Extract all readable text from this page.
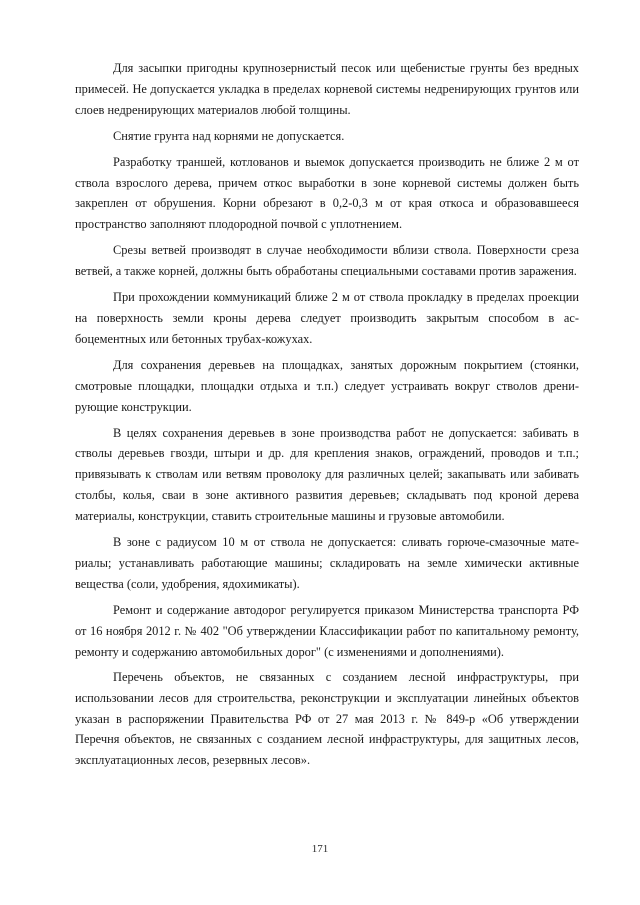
Для засыпки пригодны крупнозернистый песок или щебенистые грунты без вредных примесей. Не допускается укладка в пределах корневой системы недренирующих грунтов или слоев недренирующих материалов любой толщины.

Снятие грунта над корнями не допускается.

Разработку траншей, котлованов и выемок допускается производить не ближе 2 м от ствола взрослого дерева, причем откос выработки в зоне корневой системы должен быть закреплен от обрушения. Корни обрезают в 0,2-0,3 м от края откоса и образовавшееся пространство заполняют плодородной почвой с уплотнением.

Срезы ветвей производят в случае необходимости вблизи ствола. Поверхности среза ветвей, а также корней, должны быть обработаны специальными составами против заражения.

При прохождении коммуникаций ближе 2 м от ствола прокладку в пределах проекции на поверхность земли кроны дерева следует производить закрытым способом в асбоцементных или бетонных трубах-кожухах.

Для сохранения деревьев на площадках, занятых дорожным покрытием (стоянки, смотровые площадки, площадки отдыха и т.п.) следует устраивать вокруг стволов дренирующие конструкции.

В целях сохранения деревьев в зоне производства работ не допускается: забивать в стволы деревьев гвозди, штыри и др. для крепления знаков, ограждений, проводов и т.п.; привязывать к стволам или ветвям проволоку для различных целей; закапывать или забивать столбы, колья, сваи в зоне активного развития деревьев; складывать под кроной дерева материалы, конструкции, ставить строительные машины и грузовые автомобили.

В зоне с радиусом 10 м от ствола не допускается: сливать горюче-смазочные материалы; устанавливать работающие машины; складировать на земле химически активные вещества (соли, удобрения, ядохимикаты).

Ремонт и содержание автодорог регулируется приказом Министерства транспорта РФ от 16 ноября 2012 г. № 402 "Об утверждении Классификации работ по капитальному ремонту, ремонту и содержанию автомобильных дорог" (с изменениями и дополнениями).

Перечень объектов, не связанных с созданием лесной инфраструктуры, при использовании лесов для строительства, реконструкции и эксплуатации линейных объектов указан в распоряжении Правительства РФ от 27 мая 2013 г. № 849-р «Об утверждении Перечня объектов, не связанных с созданием лесной инфраструктуры, для защитных лесов, эксплуатационных лесов, резервных лесов».

171
